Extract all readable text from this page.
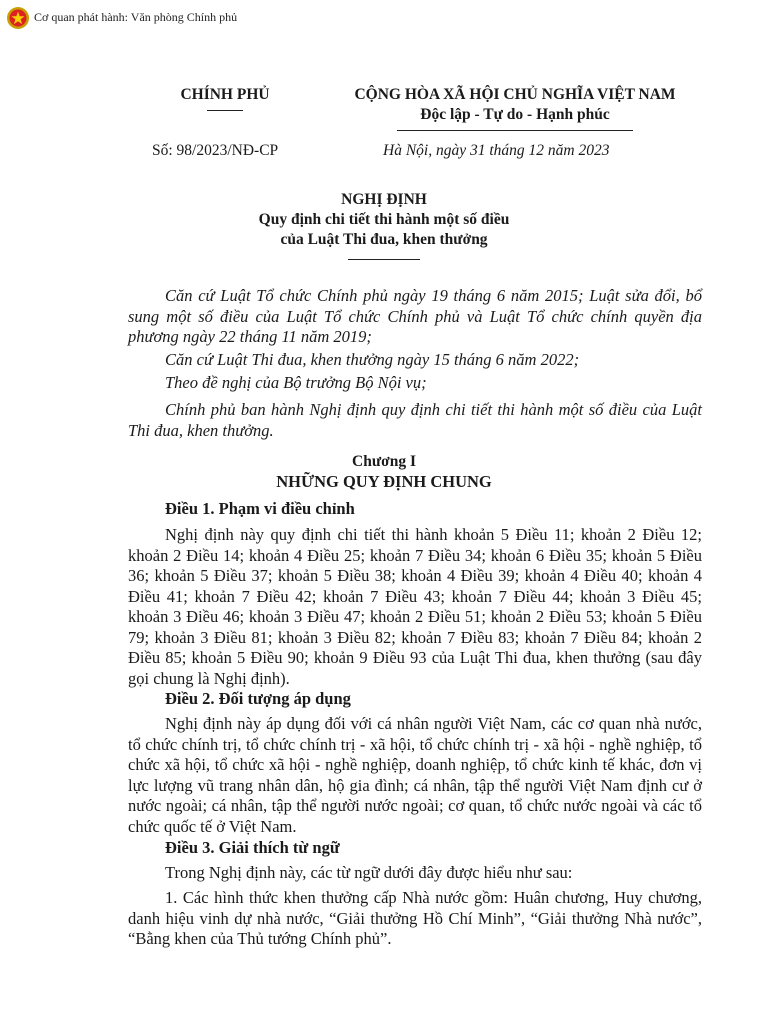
Cơ quan phát hành: Văn phòng Chính phủ
CHÍNH PHỦ	CỘNG HÒA XÃ HỘI CHỦ NGHĨA VIỆT NAM
Độc lập - Tự do - Hạnh phúc
Số: 98/2023/NĐ-CP	Hà Nội, ngày 31 tháng 12 năm 2023
NGHỊ ĐỊNH
Quy định chi tiết thi hành một số điều
của Luật Thi đua, khen thưởng
Căn cứ Luật Tổ chức Chính phủ ngày 19 tháng 6 năm 2015; Luật sửa đổi, bổ sung một số điều của Luật Tổ chức Chính phủ và Luật Tổ chức chính quyền địa phương ngày 22 tháng 11 năm 2019;
Căn cứ Luật Thi đua, khen thưởng ngày 15 tháng 6 năm 2022;
Theo đề nghị của Bộ trưởng Bộ Nội vụ;
Chính phủ ban hành Nghị định quy định chi tiết thi hành một số điều của Luật Thi đua, khen thưởng.
Chương I
NHỮNG QUY ĐỊNH CHUNG
Điều 1. Phạm vi điều chỉnh
Nghị định này quy định chi tiết thi hành khoản 5 Điều 11; khoản 2 Điều 12; khoản 2 Điều 14; khoản 4 Điều 25; khoản 7 Điều 34; khoản 6 Điều 35; khoản 5 Điều 36; khoản 5 Điều 37; khoản 5 Điều 38; khoản 4 Điều 39; khoản 4 Điều 40; khoản 4 Điều 41; khoản 7 Điều 42; khoản 7 Điều 43; khoản 7 Điều 44; khoản 3 Điều 45; khoản 3 Điều 46; khoản 3 Điều 47; khoản 2 Điều 51; khoản 2 Điều 53; khoản 5 Điều 79; khoản 3 Điều 81; khoản 3 Điều 82; khoản 7 Điều 83; khoản 7 Điều 84; khoản 2 Điều 85; khoản 5 Điều 90; khoản 9 Điều 93 của Luật Thi đua, khen thưởng (sau đây gọi chung là Nghị định).
Điều 2. Đối tượng áp dụng
Nghị định này áp dụng đối với cá nhân người Việt Nam, các cơ quan nhà nước, tổ chức chính trị, tổ chức chính trị - xã hội, tổ chức chính trị - xã hội - nghề nghiệp, tổ chức xã hội, tổ chức xã hội - nghề nghiệp, doanh nghiệp, tổ chức kinh tế khác, đơn vị lực lượng vũ trang nhân dân, hộ gia đình; cá nhân, tập thể người Việt Nam định cư ở nước ngoài; cá nhân, tập thể người nước ngoài; cơ quan, tổ chức nước ngoài và các tổ chức quốc tế ở Việt Nam.
Điều 3. Giải thích từ ngữ
Trong Nghị định này, các từ ngữ dưới đây được hiểu như sau:
1. Các hình thức khen thưởng cấp Nhà nước gồm: Huân chương, Huy chương, danh hiệu vinh dự nhà nước, “Giải thưởng Hồ Chí Minh”, “Giải thưởng Nhà nước”, “Bằng khen của Thủ tướng Chính phủ”.
